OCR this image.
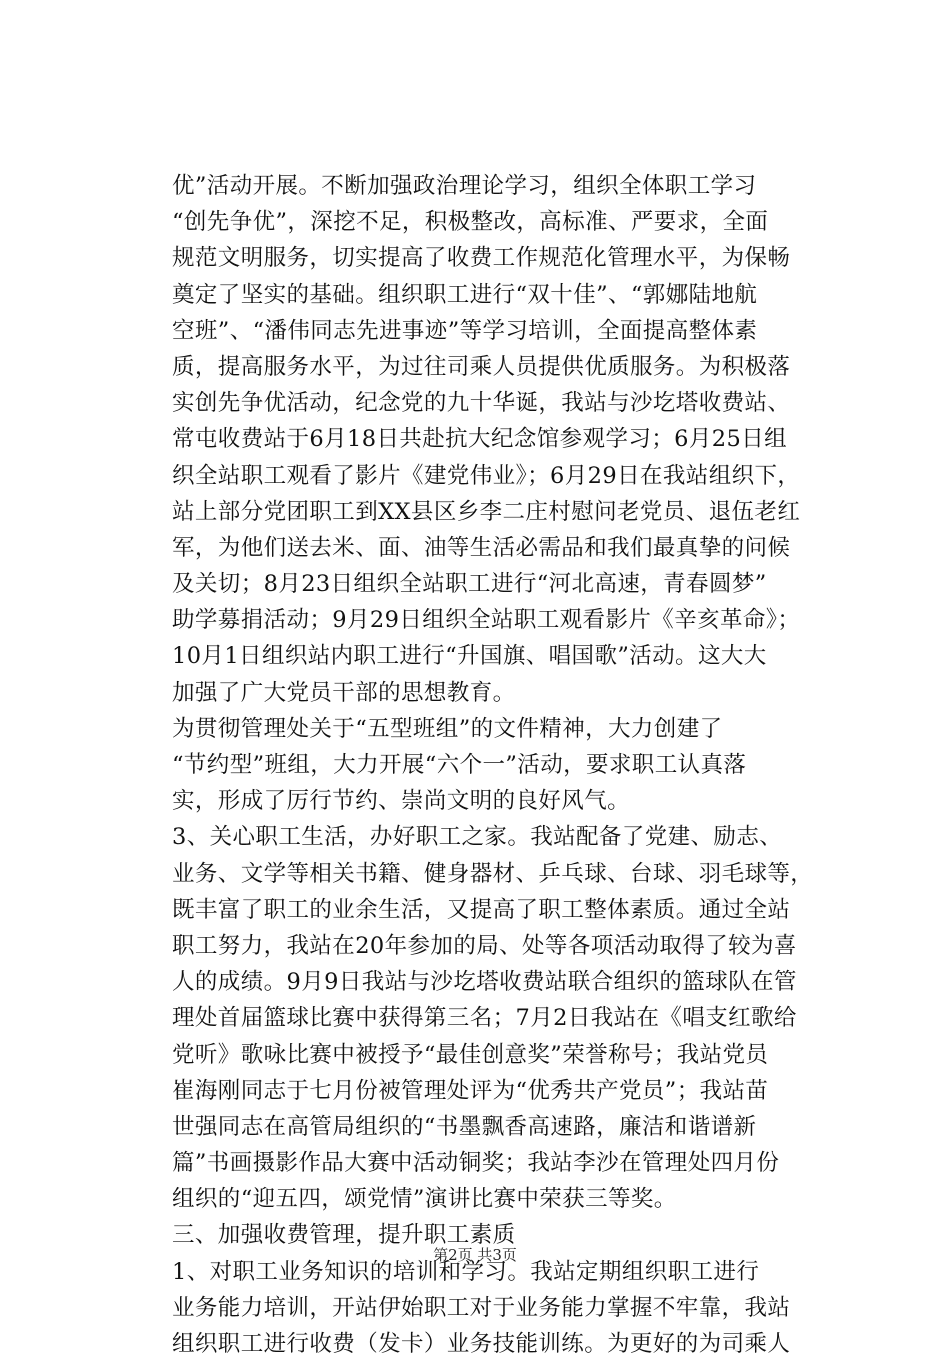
优”活动开展。不断加强政治理论学习，组织全体职工学习
“创先争优”，深挖不足，积极整改，高标准、严要求，全面
规范文明服务，切实提高了收费工作规范化管理水平，为保畅
奠定了坚实的基础。组织职工进行“双十佳”、“郭娜陆地航
空班”、“潘伟同志先进事迹”等学习培训，全面提高整体素
质，提高服务水平，为过往司乘人员提供优质服务。为积极落
实创先争优活动，纪念党的九十华诞，我站与沙圪塔收费站、
常屯收费站于6月18日共赴抗大纪念馆参观学习；6月25日组
织全站职工观看了影片《建党伟业》；6月29日在我站组织下，
站上部分党团职工到XX县区乡李二庄村慰问老党员、退伍老红
军，为他们送去米、面、油等生活必需品和我们最真挚的问候
及关切；8月23日组织全站职工进行“河北高速，青春圆梦”
助学募捐活动；9月29日组织全站职工观看影片《辛亥革命》；
10月1日组织站内职工进行“升国旗、唱国歌”活动。这大大
加强了广大党员干部的思想教育。
为贯彻管理处关于“五型班组”的文件精神，大力创建了
“节约型”班组，大力开展“六个一”活动，要求职工认真落
实，形成了厉行节约、崇尚文明的良好风气。
3、关心职工生活，办好职工之家。我站配备了党建、励志、
业务、文学等相关书籍、健身器材、乒乓球、台球、羽毛球等，
既丰富了职工的业余生活，又提高了职工整体素质。通过全站
职工努力，我站在20年参加的局、处等各项活动取得了较为喜
人的成绩。9月9日我站与沙圪塔收费站联合组织的篮球队在管
理处首届篮球比赛中获得第三名；7月2日我站在《唱支红歌给
党听》歌咏比赛中被授予“最佳创意奖”荣誉称号；我站党员
崔海刚同志于七月份被管理处评为“优秀共产党员”；我站苗
世强同志在高管局组织的“书墨飘香高速路，廉洁和谐谱新
篇”书画摄影作品大赛中活动铜奖；我站李沙在管理处四月份
组织的“迎五四，颂党情”演讲比赛中荣获三等奖。
三、加强收费管理，提升职工素质
1、对职工业务知识的培训和学习。我站定期组织职工进行
业务能力培训，开站伊始职工对于业务能力掌握不牢靠，我站
组织职工进行收费（发卡）业务技能训练。为更好的为司乘人
第2页 共3页
